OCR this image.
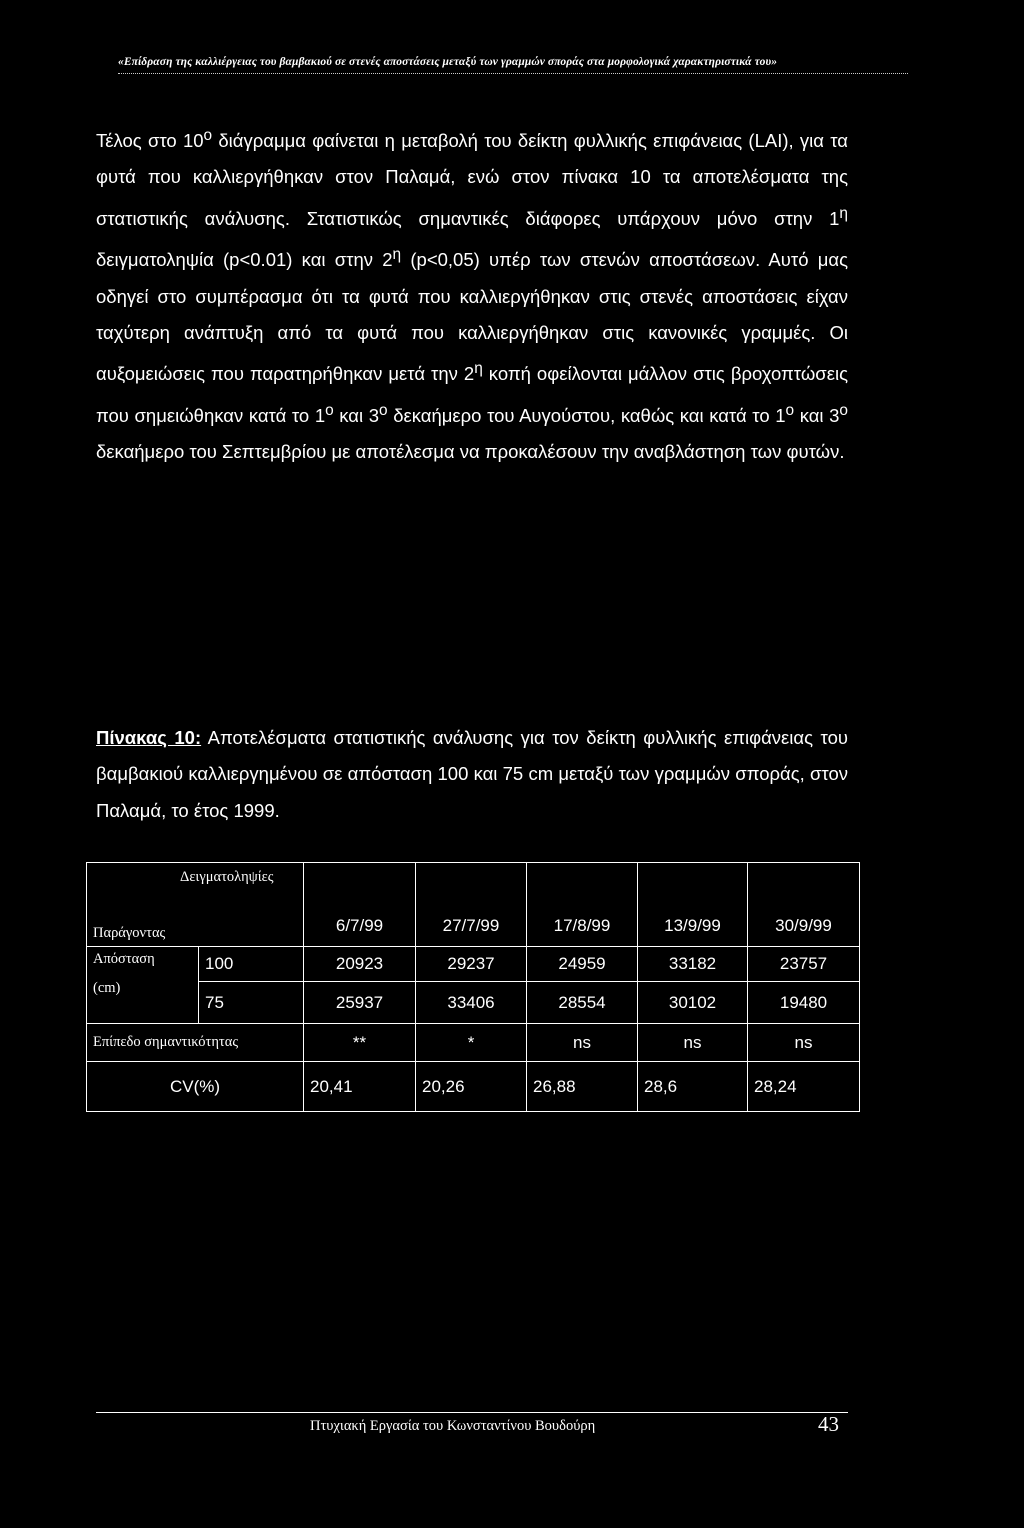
«Επίδραση της καλλιέργειας του βαμβακιού σε στενές αποστάσεις μεταξύ των γραμμών σποράς στα μορφολογικά χαρακτηριστικά του»

Τέλος στο $10^o$ διάγραμμα φαίνεται η μεταβολή του δείκτη φυλλικής επιφάνειας (LAI), για τα φυτά που καλλιεργήθηκαν στον Παλαμά, ενώ στον πίνακα 10 τα αποτελέσματα της στατιστικής ανάλυσης. Στατιστικώς σημαντικές διάφορες υπάρχουν μόνο στην $1^\eta$ δειγματοληψία (p<0.01) και στην $2^\eta$ (p<0,05) υπέρ των στενών αποστάσεων. Αυτό μας οδηγεί στο συμπέρασμα ότι τα φυτά που καλλιεργήθηκαν στις στενές αποστάσεις είχαν ταχύτερη ανάπτυξη από τα φυτά που καλλιεργήθηκαν στις κανονικές γραμμές. Οι αυξομειώσεις που παρατηρήθηκαν μετά την $2^\eta$ κοπή οφείλονται μάλλον στις βροχοπτώσεις που σημειώθηκαν κατά το $1^o$ και $3^o$ δεκαήμερο του Αυγούστου, καθώς και κατά το $1^o$ και $3^o$ δεκαήμερο του Σεπτεμβρίου με αποτέλεσμα να προκαλέσουν την αναβλάστηση των φυτών.

Πίνακας 10: Αποτελέσματα στατιστικής ανάλυσης για τον δείκτη φυλλικής επιφάνειας του βαμβακιού καλλιεργημένου σε απόσταση 100 και 75 cm μεταξύ των γραμμών σποράς, στον Παλαμά, το έτος 1999.
Δειγματοληψίες
Παράγοντας		6/7/99	27/7/99	17/8/99	13/9/99	30/9/99

Απόσταση
(cm)	100	20923	29237	24959	33182	23757
	75	25937	33406	28554	30102	19480
Επίπεδο σημαντικότητας		**	*	ns	ns	ns
CV(%)		20,41	20,26	26,88	28,6	28,24
Πτυχιακή Εργασία του Κωνσταντίνου Βουδούρη	43
